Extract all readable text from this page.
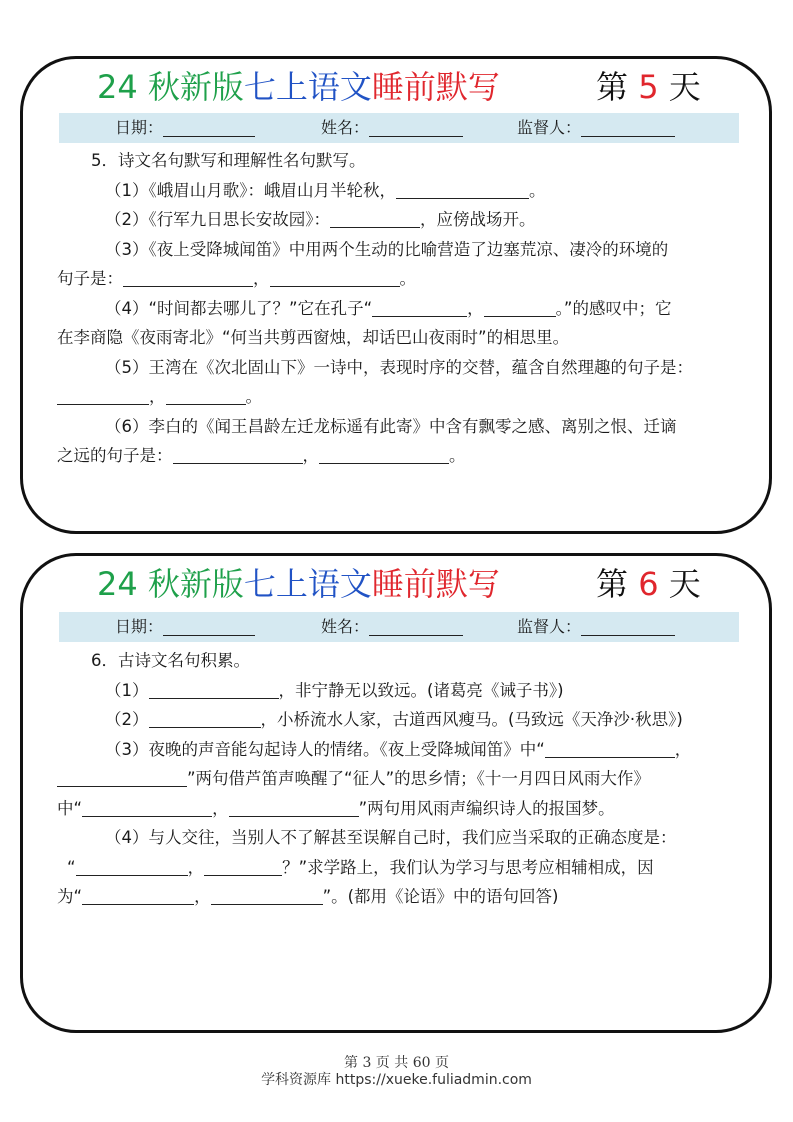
24 秋新版七上语文睡前默写	第 5 天
日期：	姓名：	监督人：
5．诗文名句默写和理解性名句默写。
（1）《峨眉山月歌》：峨眉山月半轮秋，	。
（2）《行军九日思长安故园》：	，应傍战场开。
（3）《夜上受降城闻笛》中用两个生动的比喻营造了边塞荒凉、凄冷的环境的
句子是：	，	。
（4）“时间都去哪儿了？”它在孔子“	，	。”的感叹中；它
在李商隐《夜雨寄北》“何当共剪西窗烛，却话巴山夜雨时”的相思里。
（5）王湾在《次北固山下》一诗中，表现时序的交替，蕴含自然理趣的句子是：
，	。
（6）李白的《闻王昌龄左迁龙标遥有此寄》中含有飘零之感、离别之恨、迁谪
之远的句子是：	，	。
24 秋新版七上语文睡前默写	第 6 天
日期：	姓名：	监督人：
6．古诗文名句积累。
（1）	，非宁静无以致远。(诸葛亮《诫子书》)
（2）	，小桥流水人家，古道西风瘦马。(马致远《天净沙·秋思》)
（3）夜晚的声音能勾起诗人的情绪。《夜上受降城闻笛》中“	，
”两句借芦笛声唤醒了“征人”的思乡情；《十一月四日风雨大作》
中“	，	”两句用风雨声编织诗人的报国梦。
（4）与人交往，当别人不了解甚至误解自己时，我们应当采取的正确态度是：
“	，	？”求学路上，我们认为学习与思考应相辅相成，因
为“	，	”。(都用《论语》中的语句回答)
第 3 页 共 60 页
学科资源库 https://xueke.fuliadmin.com
